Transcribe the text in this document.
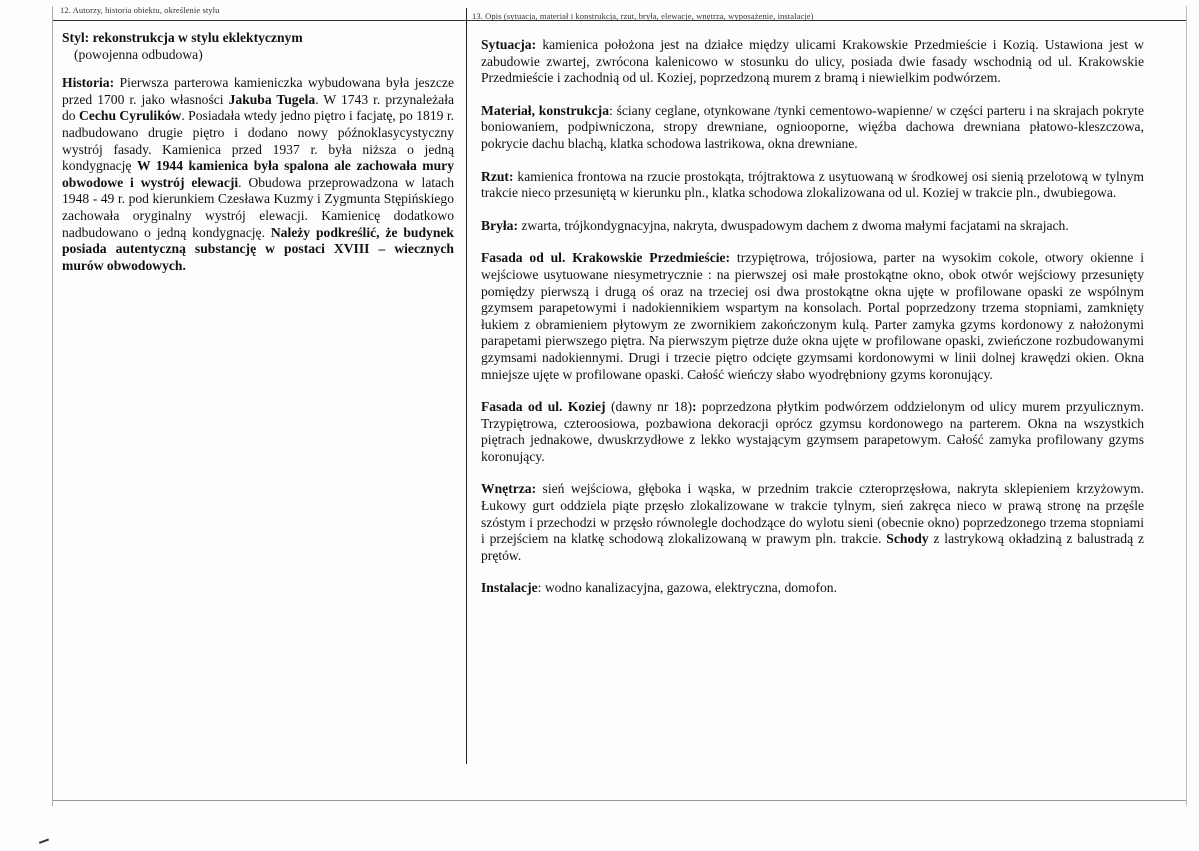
12. Autorzy, historia obiektu, określenie stylu
13. Opis (sytuacja, materiał i konstrukcja, rzut, bryła, elewacje, wnętrza, wyposażenie, instalacje)

Styl: rekonstrukcja w stylu eklektycznym
(powojenna odbudowa)

Historia: Pierwsza parterowa kamieniczka wybudowana była jeszcze przed 1700 r. jako własności Jakuba Tugela. W 1743 r. przynależała do Cechu Cyrulików. Posiadała wtedy jedno piętro i facjatę, po 1819 r. nadbudowano drugie piętro i dodano nowy późnoklasycystyczny wystrój fasady. Kamienica przed 1937 r. była niższa o jedną kondygnację W 1944 kamienica była spalona ale zachowała mury obwodowe i wystrój elewacji. Obudowa przeprowadzona w latach 1948 - 49 r. pod kierunkiem Czesława Kuzmy i Zygmunta Stępińskiego zachowała oryginalny wystrój elewacji. Kamienicę dodatkowo nadbudowano o jedną kondygnację. Należy podkreślić, że budynek posiada autentyczną substancję w postaci XVIII – wiecznych murów obwodowych.

Sytuacja: kamienica położona jest na działce między ulicami Krakowskie Przedmieście i Kozią. Ustawiona jest w zabudowie zwartej, zwrócona kalenicowo w stosunku do ulicy, posiada dwie fasady wschodnią od ul. Krakowskie Przedmieście i zachodnią od ul. Koziej, poprzedzoną murem z bramą i niewielkim podwórzem.

Materiał, konstrukcja: ściany ceglane, otynkowane /tynki cementowo-wapienne/ w części parteru i na skrajach pokryte boniowaniem, podpiwniczona, stropy drewniane, ogniooporne, więźba dachowa drewniana płatowo-kleszczowa, pokrycie dachu blachą, klatka schodowa lastrikowa, okna drewniane.

Rzut: kamienica frontowa na rzucie prostokąta, trójtraktowa z usytuowaną w środkowej osi sienią przelotową w tylnym trakcie nieco przesuniętą w kierunku pln., klatka schodowa zlokalizowana od ul. Koziej w trakcie pln., dwubiegowa.

Bryła: zwarta, trójkondygnacyjna, nakryta, dwuspadowym dachem z dwoma małymi facjatami na skrajach.

Fasada od ul. Krakowskie Przedmieście: trzypiętrowa, trójosiowa, parter na wysokim cokole, otwory okienne i wejściowe usytuowane niesymetrycznie : na pierwszej osi małe prostokątne okno, obok otwór wejściowy przesunięty pomiędzy pierwszą i drugą oś oraz na trzeciej osi dwa prostokątne okna ujęte w profilowane opaski ze wspólnym gzymsem parapetowymi i nadokiennikiem wspartym na konsolach. Portal poprzedzony trzema stopniami, zamknięty łukiem z obramieniem płytowym ze zwornikiem zakończonym kulą. Parter zamyka gzyms kordonowy z nałożonymi parapetami pierwszego piętra. Na pierwszym piętrze duże okna ujęte w profilowane opaski, zwieńczone rozbudowanymi gzymsami nadokiennymi. Drugi i trzecie piętro odcięte gzymsami kordonowymi w linii dolnej krawędzi okien. Okna mniejsze ujęte w profilowane opaski. Całość wieńczy słabo wyodrębniony gzyms koronujący.

Fasada od ul. Koziej (dawny nr 18): poprzedzona płytkim podwórzem oddzielonym od ulicy murem przyulicznym. Trzypiętrowa, czteroosiowa, pozbawiona dekoracji oprócz gzymsu kordonowego na parterem. Okna na wszystkich piętrach jednakowe, dwuskrzydłowe z lekko wystającym gzymsem parapetowym. Całość zamyka profilowany gzyms koronujący.

Wnętrza: sień wejściowa, głęboka i wąska, w przednim trakcie czteroprzęsłowa, nakryta sklepieniem krzyżowym. Łukowy gurt oddziela piąte przęsło zlokalizowane w trakcie tylnym, sień zakręca nieco w prawą stronę na przęśle szóstym i przechodzi w przęsło równolegle dochodzące do wylotu sieni (obecnie okno) poprzedzonego trzema stopniami i przejściem na klatkę schodową zlokalizowaną w prawym pln. trakcie. Schody z lastrykową okładziną z balustradą z prętów.

Instalacje: wodno kanalizacyjna, gazowa, elektryczna, domofon.
